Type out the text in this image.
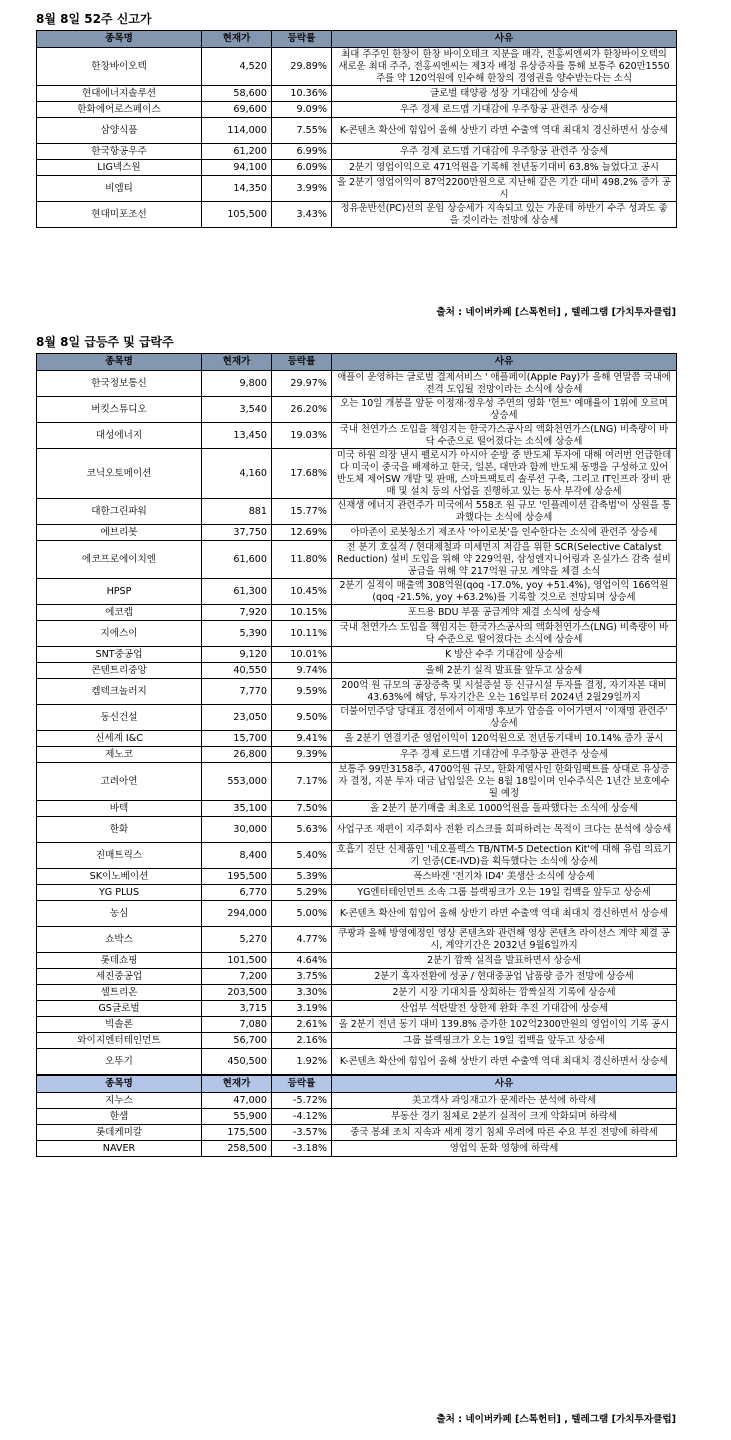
8월 8일 52주 신고가
종목명	현재가	등락률	사유
한창바이오텍	4,520	29.89%	최대 주주인 한창이 한창 바이오테크 지분을 매각, 전홍씨엔씨가 한창바이오텍의 새로운 최대 주주, 전홍씨엔씨는 제3자 배정 유상증자를 통해 보통주 620만1550주를 약 120억원에 인수해 한창의 경영권을 양수받는다는 소식
현대에너지솔루션	58,600	10.36%	글로벌 태양광 성장 기대감에 상승세
한화에어로스페이스	69,600	9.09%	우주 경제 로드맵 기대감에 우주항공 관련주 상승세
삼양식품	114,000	7.55%	K-콘텐츠 확산에 힘입어 올해 상반기 라면 수출액 역대 최대치 경신하면서 상승세
한국항공우주	61,200	6.99%	우주 경제 로드맵 기대감에 우주항공 관련주 상승세
LIG넥스원	94,100	6.09%	2분기 영업이익으로 471억원을 기록해 전년동기대비 63.8% 늘었다고 공시
비엠티	14,350	3.99%	올 2분기 영업이익이 87억2200만원으로 지난해 같은 기간 대비 498.2% 증가 공시
현대미포조선	105,500	3.43%	정유운반선(PC)선의 운임 상승세가 지속되고 있는 가운데 하반기 수주 성과도 좋을 것이라는 전망에 상승세
출처 : 네이버카페 [스톡헌터] , 텔레그램 [가치투자클럽]
8월 8일 급등주 및 급락주
종목명	현재가	등락률	사유
한국정보통신	9,800	29.97%	애플이 운영하는 글로벌 결제서비스 ' 애플페이(Apple Pay)가 올해 연말쯤 국내에 전격 도입될 전망이라는 소식에 상승세
버킷스튜디오	3,540	26.20%	오는 10일 개봉을 앞둔 이정재·정우성 주연의 영화 '헌트' 예매율이 1위에 오르며 상승세
대성에너지	13,450	19.03%	국내 천연가스 도입을 책임지는 한국가스공사의 액화천연가스(LNG) 비축량이 바닥 수준으로 떨어졌다는 소식에 상승세
코닉오토메이션	4,160	17.68%	미국 하원 의장 낸시 펠로시가 아시아 순방 중 반도체 투자에 대해 여러번 언급한데다 미국이 중국을 배제하고 한국, 일본, 대만과 함께 반도체 동맹을 구성하고 있어 반도체 제어SW 개발 및 판매, 스마트팩토리 솔루션 구축, 그리고 IT인프라 장비 판매 및 설치 등의 사업을 진행하고 있는 동사 부각에 상승세
대한그린파워	881	15.77%	신재생 에너지 관련주가 미국에서 558조 원 규모 '인플레이션 감축법'이 상원을 통과했다는 소식에 상승세
에브리봇	37,750	12.69%	아마존이 로봇청소기 제조사 '아이로봇'을 인수한다는 소식에 관련주 상승세
에코프로에이치엔	61,600	11.80%	전 분기 호실적 / 현대제철과 미세먼지 저감을 위한 SCR(Selective Catalyst Reduction) 설비 도입을 위해 약 229억원, 삼성엔지니어링과 온실가스 감축 설비 공급을 위해 약 217억원 규모 계약을 체결 소식
HPSP	61,300	10.45%	2분기 실적이 매출액 308억원(qoq -17.0%, yoy +51.4%), 영업이익 166억원(qoq -21.5%, yoy +63.2%)를 기록할 것으로 전망되며 상승세
에코캡	7,920	10.15%	포드용 BDU 부품 공급계약 체결 소식에 상승세
지에스이	5,390	10.11%	국내 천연가스 도입을 책임지는 한국가스공사의 액화천연가스(LNG) 비축량이 바닥 수준으로 떨어졌다는 소식에 상승세
SNT중공업	9,120	10.01%	K 방산 수주 기대감에 상승세
콘텐트리중앙	40,550	9.74%	올해 2분기 실적 발표를 앞두고 상승세
켐텍크놀러지	7,770	9.59%	200억 원 규모의 공장증축 및 시설증설 등 신규시설 투자를 결정, 자기자본 대비 43.63%에 해당, 투자기간은 오는 16일부터 2024년 2월29일까지
동신건설	23,050	9.50%	더불어민주당 당대표 경선에서 이재명 후보가 압승을 이어가면서 '이재명 관련주' 상승세
신세계 I&C	15,700	9.41%	올 2분기 연결기준 영업이익이 120억원으로 전년동기대비 10.14% 증가 공시
제노코	26,800	9.39%	우주 경제 로드맵 기대감에 우주항공 관련주 상승세
고려아연	553,000	7.17%	보통주 99만3158주, 4700억원 규모, 한화계열사인 한화임팩트를 상대로 유상증자 결정, 지분 투자 대금 납입일은 오는 8월 18일이며 인수주식은 1년간 보호예수될 예정
바텍	35,100	7.50%	올 2분기 분기매출 최초로 1000억원을 돌파했다는 소식에 상승세
한화	30,000	5.63%	사업구조 재편이 지주회사 전환 리스크를 회피하려는 목적이 크다는 분석에 상승세
진매트릭스	8,400	5.40%	호흡기 진단 신제품인 '네오플렉스 TB/NTM-5 Detection Kit'에 대해 유럽 의료기기 인증(CE-IVD)을 획득했다는 소식에 상승세
SK이노베이션	195,500	5.39%	폭스바겐 '전기차 ID4' 美생산 소식에 상승세
YG PLUS	6,770	5.29%	YG엔터테인먼트 소속 그룹 블랙핑크가 오는 19일 컴백을 앞두고 상승세
농심	294,000	5.00%	K-콘텐츠 확산에 힘입어 올해 상반기 라면 수출액 역대 최대치 경신하면서 상승세
쇼박스	5,270	4.77%	쿠팡과 올해 방영예정인 영상 콘텐츠와 관련해 영상 콘텐츠 라이선스 계약 체결 공시, 계약기간은 2032년 9월6일까지
롯데쇼핑	101,500	4.64%	2분기 깜짝 실적을 발표하면서 상승세
세진중공업	7,200	3.75%	2분기 흑자전환에 성공 / 현대중공업 납품량 증가 전망에 상승세
셀트리온	203,500	3.30%	2분기 시장 기대치를 상회하는 깜짝실적 기록에 상승세
GS글로벌	3,715	3.19%	산업부 석탄발전 상한제 완화 추진 기대감에 상승세
빅솔론	7,080	2.61%	올 2분기 전년 동기 대비 139.8% 증가한 102억2300만원의 영업이익 기록 공시
와이지엔터테인먼트	56,700	2.16%	그룹 블랙핑크가 오는 19일 컴백을 앞두고 상승세
오뚜기	450,500	1.92%	K-콘텐츠 확산에 힘입어 올해 상반기 라면 수출액 역대 최대치 경신하면서 상승세
종목명	현재가	등락률	사유
지누스	47,000	-5.72%	美고객사 과잉재고가 문제라는 분석에 하락세
한샘	55,900	-4.12%	부동산 경기 침체로 2분기 실적이 크게 악화되며 하락세
롯데케미칼	175,500	-3.57%	중국 봉쇄 조치 지속과 세계 경기 침체 우려에 따른 수요 부진 전망에 하락세
NAVER	258,500	-3.18%	영업익 둔화 영향에 하락세
출처 : 네이버카페 [스톡헌터] , 텔레그램 [가치투자클럽]
